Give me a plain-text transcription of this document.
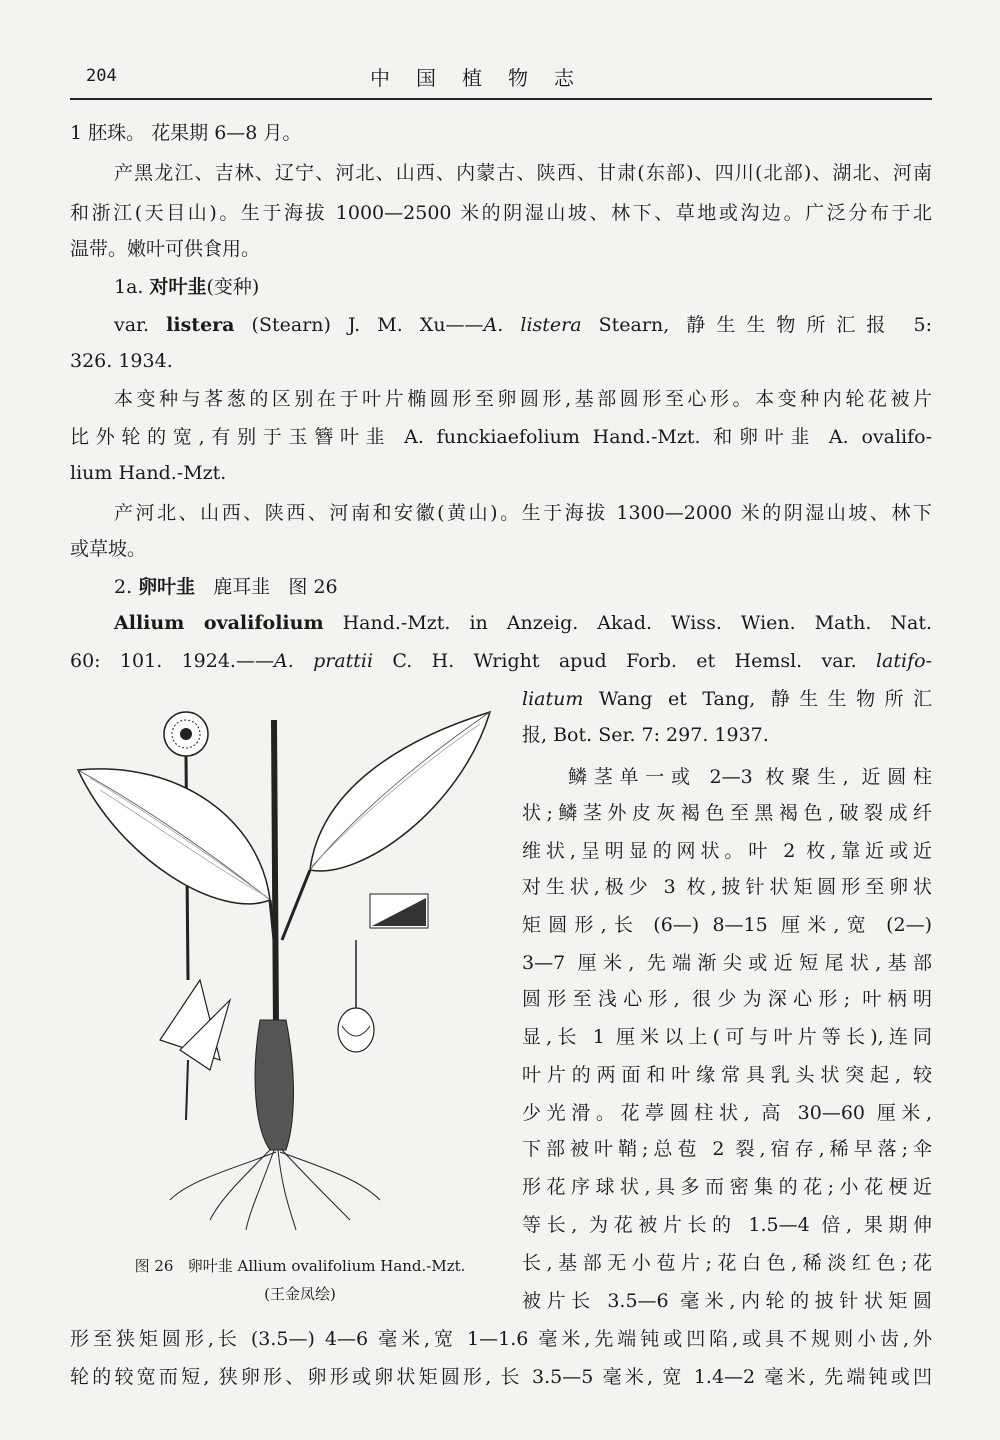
204	中国植物志
1 胚珠。 花果期 6—8 月。
产黑龙江、吉林、辽宁、河北、山西、内蒙古、陕西、甘肃(东部)、四川(北部)、湖北、河南
和浙江(天目山)。生于海拔 1000—2500 米的阴湿山坡、林下、草地或沟边。广泛分布于北
温带。嫩叶可供食用。
1a. 对叶韭(变种)
var. listera (Stearn) J. M. Xu——A. listera Stearn, 静生生物所汇报 5:
326. 1934.
本变种与茖葱的区别在于叶片椭圆形至卵圆形,基部圆形至心形。本变种内轮花被片
比外轮的宽,有别于玉簪叶韭 A. funckiaefolium Hand.-Mzt. 和卵叶韭 A. ovalifo-
lium Hand.-Mzt.
产河北、山西、陕西、河南和安徽(黄山)。生于海拔 1300—2000 米的阴湿山坡、林下
或草坡。
2. 卵叶韭   鹿耳韭   图 26
Allium ovalifolium Hand.-Mzt. in Anzeig. Akad. Wiss. Wien. Math. Nat.
60: 101. 1924.——A. prattii C. H. Wright apud Forb. et Hemsl. var. latifo-
liatum Wang et Tang, 静生生物所汇
报, Bot. Ser. 7: 297. 1937.
鳞茎单一或 2—3 枚聚生, 近圆柱
状;鳞茎外皮灰褐色至黑褐色,破裂成纤
维状,呈明显的网状。叶 2 枚,靠近或近
对生状,极少 3 枚,披针状矩圆形至卵状
矩圆形,长 (6—) 8—15 厘米,宽 (2—)
3—7 厘米, 先端渐尖或近短尾状,基部
圆形至浅心形, 很少为深心形; 叶柄明
显,长 1 厘米以上(可与叶片等长),连同
叶片的两面和叶缘常具乳头状突起, 较
少光滑。花葶圆柱状, 高 30—60 厘米,
下部被叶鞘;总苞 2 裂,宿存,稀早落;伞
形花序球状,具多而密集的花;小花梗近
等长, 为花被片长的 1.5—4 倍, 果期伸
长,基部无小苞片;花白色,稀淡红色;花
被片长 3.5—6 毫米,内轮的披针状矩圆
形至狭矩圆形,长 (3.5—) 4—6 毫米,宽 1—1.6 毫米,先端钝或凹陷,或具不规则小齿,外
轮的较宽而短, 狭卵形、卵形或卵状矩圆形, 长 3.5—5 毫米, 宽 1.4—2 毫米, 先端钝或凹
图 26   卵叶韭 Allium ovalifolium Hand.-Mzt.
(王金凤绘)
